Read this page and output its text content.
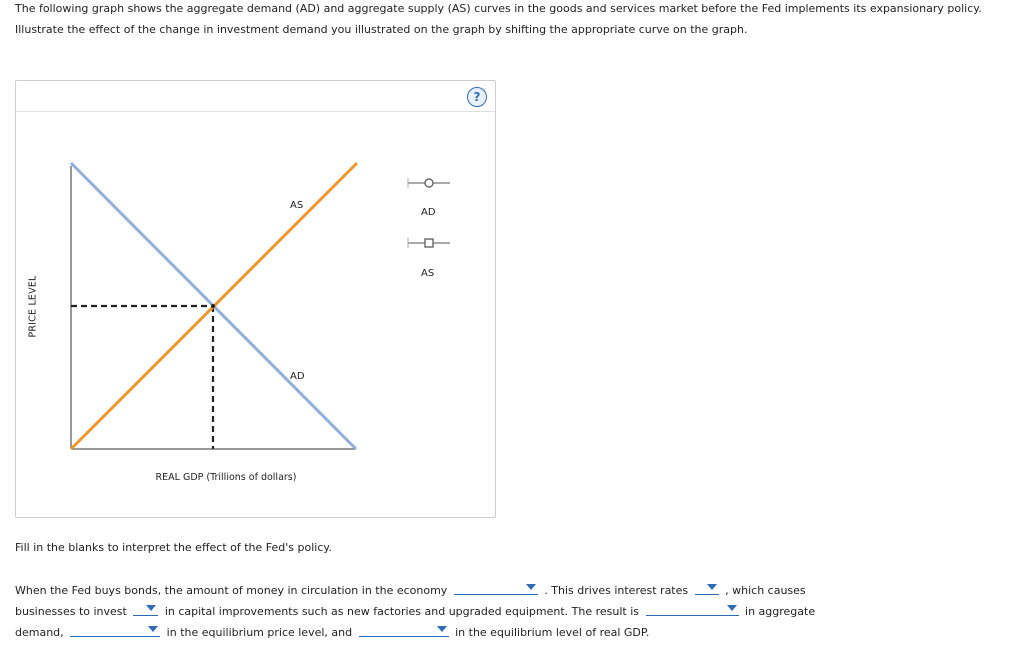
The following graph shows the aggregate demand (AD) and aggregate supply (AS) curves in the goods and services market before the Fed implements its expansionary policy. Illustrate the effect of the change in investment demand you illustrated on the graph by shifting the appropriate curve on the graph.
?
PRICE LEVEL
REAL GDP (Trillions of dollars)
AS
AD
AD
AS
Fill in the blanks to interpret the effect of the Fed's policy.
When the Fed buys bonds, the amount of money in circulation in the economy	. This drives interest rates	, which causes
businesses to invest	in capital improvements such as new factories and upgraded equipment. The result is	in aggregate
demand,	in the equilibrium price level, and	in the equilibrium level of real GDP.
